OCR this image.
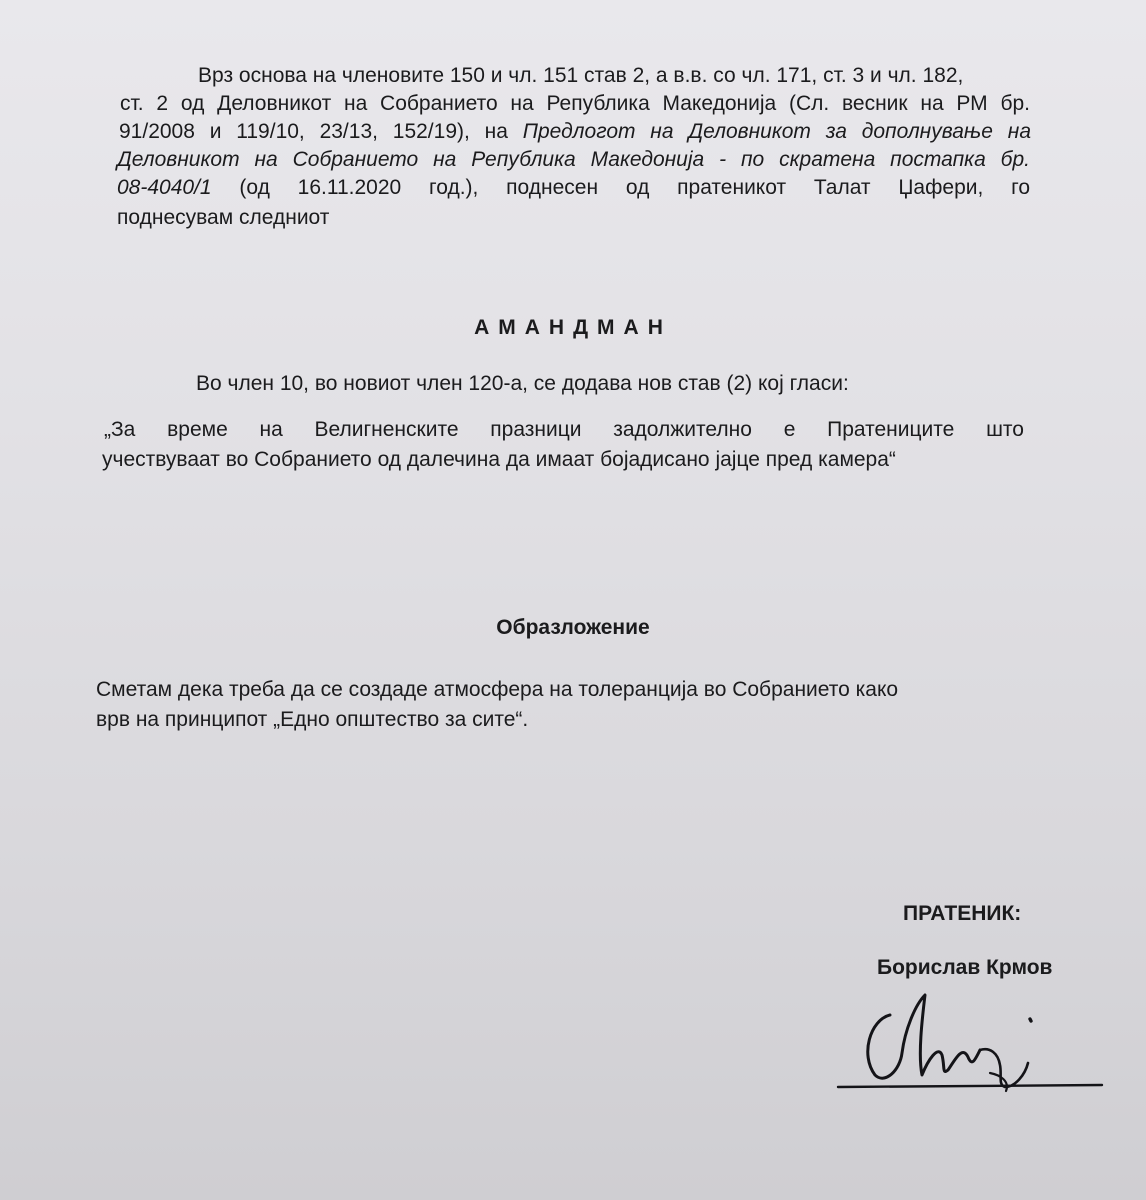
Врз основа на членовите 150 и чл. 151 став 2, а в.в. со чл. 171, ст. 3 и чл. 182,
ст. 2 од Деловникот на Собранието на Република Македонија (Сл. весник на РМ бр.
91/2008 и 119/10, 23/13, 152/19), на Предлогот на Деловникот за дополнување на
Деловникот на Собранието на Република Македонија - по скратена постапка бр.
08-4040/1 (од 16.11.2020 год.), поднесен од пратеникот Талат Џафери, го
поднесувам следниот
АМАНДМАН
Во член 10, во новиот член 120-а, се додава нов став (2) кој гласи:
„За време на Велигненските празници задолжително е Пратениците што
учествуваат во Собранието од далечина да имаат бојадисано јајце пред камера“
Образложение
Сметам дека треба да се создаде атмосфера на толеранција во Собранието како
врв на принципот „Едно општество за сите“.
ПРАТЕНИК:
Борислав Крмов
